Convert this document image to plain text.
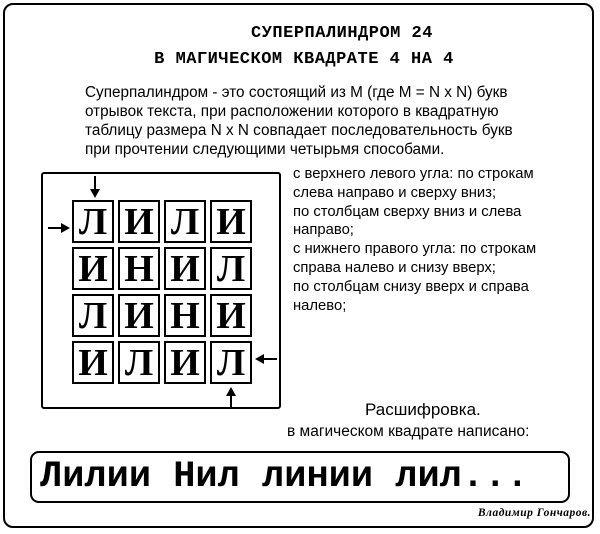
СУПЕРПАЛИНДРОМ 24
В МАГИЧЕСКОМ КВАДРАТЕ 4 НА 4

Суперпалиндром - это состоящий из М (где М = N x N) букв

отрывок текста, при расположении которого в квадратную

таблицу размера N x N совпадает последовательность букв

при прочтении следующими четырьмя способами.

с верхнего левого угла: по строкам

слева направо и сверху вниз;

по столбцам сверху вниз и слева

направо;

с нижнего правого угла: по строкам

справа налево и снизу вверх;

по столбцам снизу вверх и справа

налево;

Л И Л И
И Н И Л
Л И Н И
И Л И Л
Расшифровка.
в магическом квадрате написано:
Лилии Нил линии лил...
Владимир Гончаров.
